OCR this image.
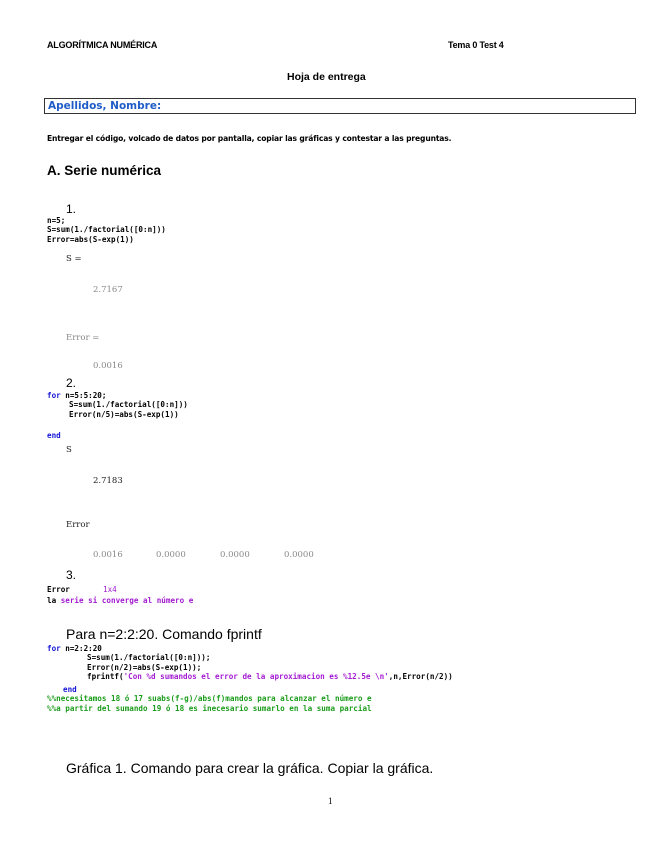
ALGORÍTMICA NUMÉRICA	Tema 0 Test 4
Hoja de entrega
Apellidos, Nombre:
Entregar el código, volcado de datos por pantalla, copiar las gráficas y contestar a las preguntas.
A. Serie numérica
1.
n=5;
S=sum(1./factorial([0:n]))
Error=abs(S-exp(1))
S =
2.7167
Error =
0.0016
2.
for n=5:5:20;
S=sum(1./factorial([0:n]))
Error(n/5)=abs(S-exp(1))
end
S
2.7183
Error
0.0016	0.0000	0.0000	0.0000
3.
Error	1x4
la serie si converge al número e
Para n=2:2:20. Comando fprintf
for n=2:2:20
S=sum(1./factorial([0:n]));
Error(n/2)=abs(S-exp(1));
fprintf('Con %d sumandos el error de la aproximacion es %12.5e \n',n,Error(n/2))
end
%%necesitamos 18 ó 17 suabs(f-g)/abs(f)mandos para alcanzar el número e
%%a partir del sumando 19 ó 18 es inecesario sumarlo en la suma parcial
Gráfica 1. Comando para crear la gráfica. Copiar la gráfica.
1
